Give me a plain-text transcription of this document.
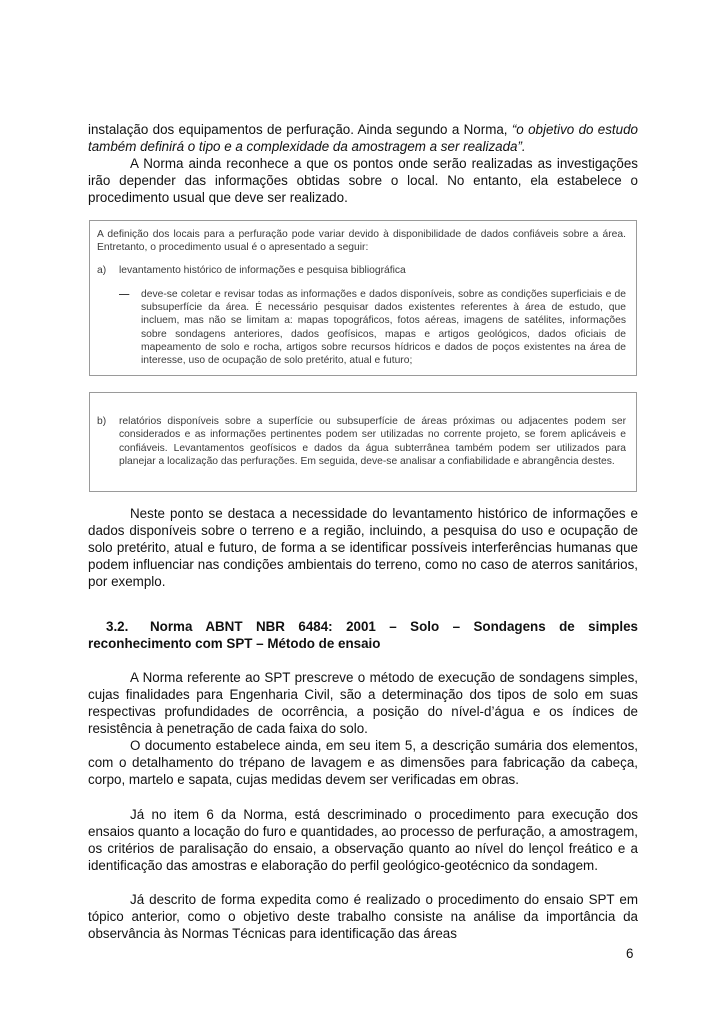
instalação dos equipamentos de perfuração. Ainda segundo a Norma, “o objetivo do estudo também definirá o tipo e a complexidade da amostragem a ser realizada”.

A Norma ainda reconhece a que os pontos onde serão realizadas as investigações irão depender das informações obtidas sobre o local. No entanto, ela estabelece o procedimento usual que deve ser realizado.

A definição dos locais para a perfuração pode variar devido à disponibilidade de dados confiáveis sobre a área. Entretanto, o procedimento usual é o apresentado a seguir:

a) levantamento histórico de informações e pesquisa bibliográfica

— deve-se coletar e revisar todas as informações e dados disponíveis, sobre as condições superficiais e de subsuperfície da área. É necessário pesquisar dados existentes referentes à área de estudo, que incluem, mas não se limitam a: mapas topográficos, fotos aéreas, imagens de satélites, informações sobre sondagens anteriores, dados geofísicos, mapas e artigos geológicos, dados oficiais de mapeamento de solo e rocha, artigos sobre recursos hídricos e dados de poços existentes na área de interesse, uso de ocupação de solo pretérito, atual e futuro;

b) relatórios disponíveis sobre a superfície ou subsuperfície de áreas próximas ou adjacentes podem ser considerados e as informações pertinentes podem ser utilizadas no corrente projeto, se forem aplicáveis e confiáveis. Levantamentos geofísicos e dados da água subterrânea também podem ser utilizados para planejar a localização das perfurações. Em seguida, deve-se analisar a confiabilidade e abrangência destes.

Neste ponto se destaca a necessidade do levantamento histórico de informações e dados disponíveis sobre o terreno e a região, incluindo, a pesquisa do uso e ocupação de solo pretérito, atual e futuro, de forma a se identificar possíveis interferências humanas que podem influenciar nas condições ambientais do terreno, como no caso de aterros sanitários, por exemplo.

3.2. Norma ABNT NBR 6484: 2001 – Solo – Sondagens de simples reconhecimento com SPT – Método de ensaio

A Norma referente ao SPT prescreve o método de execução de sondagens simples, cujas finalidades para Engenharia Civil, são a determinação dos tipos de solo em suas respectivas profundidades de ocorrência, a posição do nível-d’água e os índices de resistência à penetração de cada faixa do solo.

O documento estabelece ainda, em seu item 5, a descrição sumária dos elementos, com o detalhamento do trépano de lavagem e as dimensões para fabricação da cabeça, corpo, martelo e sapata, cujas medidas devem ser verificadas em obras.

Já no item 6 da Norma, está descriminado o procedimento para execução dos ensaios quanto a locação do furo e quantidades, ao processo de perfuração, a amostragem, os critérios de paralisação do ensaio, a observação quanto ao nível do lençol freático e a identificação das amostras e elaboração do perfil geológico-geotécnico da sondagem.

Já descrito de forma expedita como é realizado o procedimento do ensaio SPT em tópico anterior, como o objetivo deste trabalho consiste na análise da importância da observância às Normas Técnicas para identificação das áreas

6
